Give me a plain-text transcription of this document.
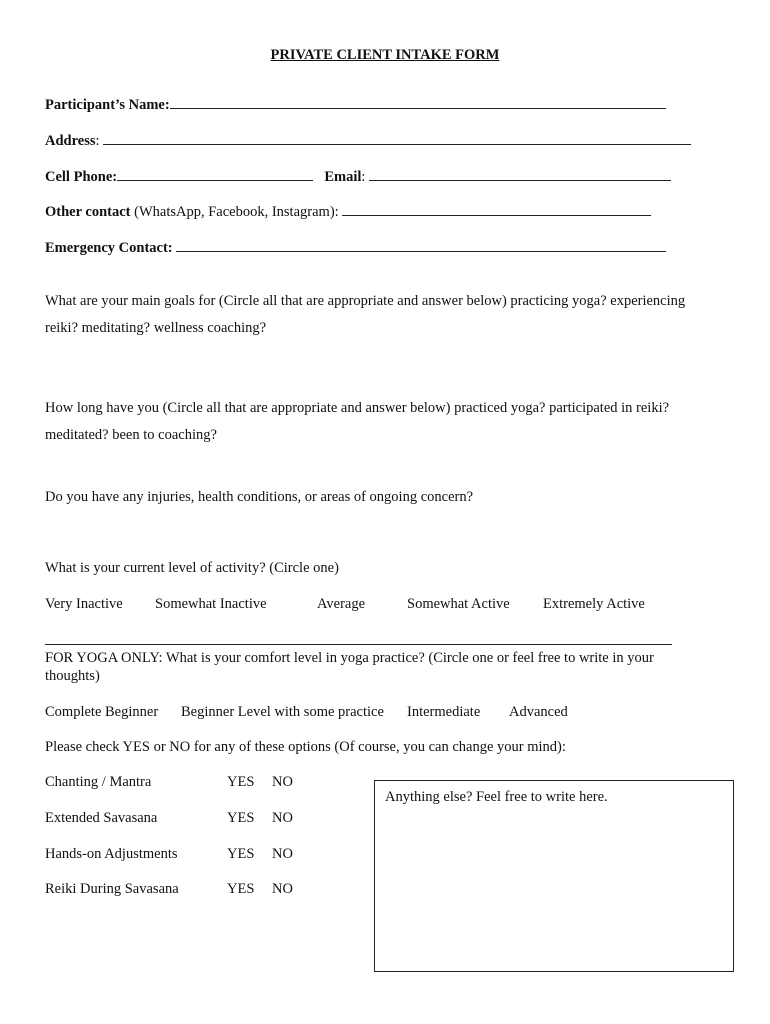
PRIVATE CLIENT INTAKE FORM
Participant’s Name:
Address:
Cell Phone:	Email:
Other contact (WhatsApp, Facebook, Instagram):
Emergency Contact:
What are your main goals for (Circle all that are appropriate and answer below) practicing yoga? experiencing
reiki? meditating? wellness coaching?
How long have you (Circle all that are appropriate and answer below) practiced yoga? participated in reiki?
meditated? been to coaching?
Do you have any injuries, health conditions, or areas of ongoing concern?
What is your current level of activity? (Circle one)
Very Inactive Somewhat Inactive	Average	Somewhat Active Extremely Active
FOR YOGA ONLY: What is your comfort level in yoga practice? (Circle one or feel free to write in your
thoughts)
Complete Beginner Beginner Level with some practice Intermediate Advanced
Please check YES or NO for any of these options (Of course, you can change your mind):
Chanting / Mantra	YES NO
Extended Savasana	YES NO
Hands-on Adjustments	YES NO
Reiki During Savasana	YES NO
Anything else? Feel free to write here.
